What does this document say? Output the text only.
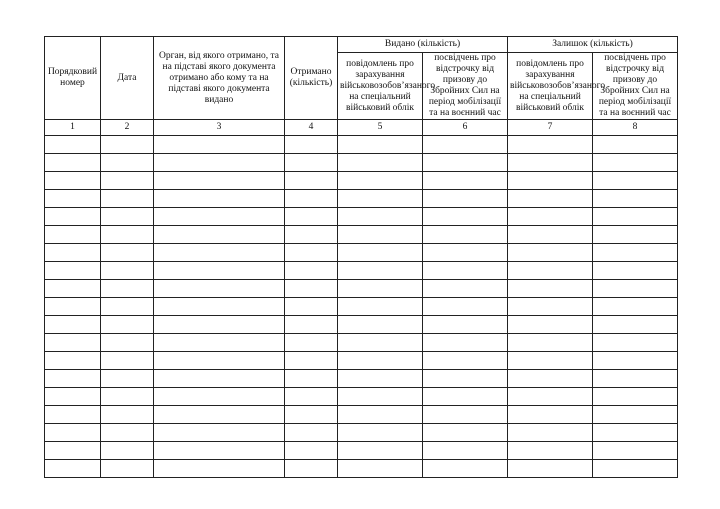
Порядковий номер	Дата	Орган, від якого отримано, та на підставі якого документа отримано або кому та на підставі якого документа видано	Отримано (кількість)	Видано (кількість)		Залишок (кількість)	
				повідомлень про зарахування військовозобов’язаного на спеціальний військовий облік	посвідчень про відстрочку від призову до Збройних Сил на період мобілізації та на воєнний час	повідомлень про зарахування військовозобов’язаного на спеціальний військовий облік	посвідчень про відстрочку від призову до Збройних Сил на період мобілізації та на воєнний час
1	2	3	4	5	6	7	8
